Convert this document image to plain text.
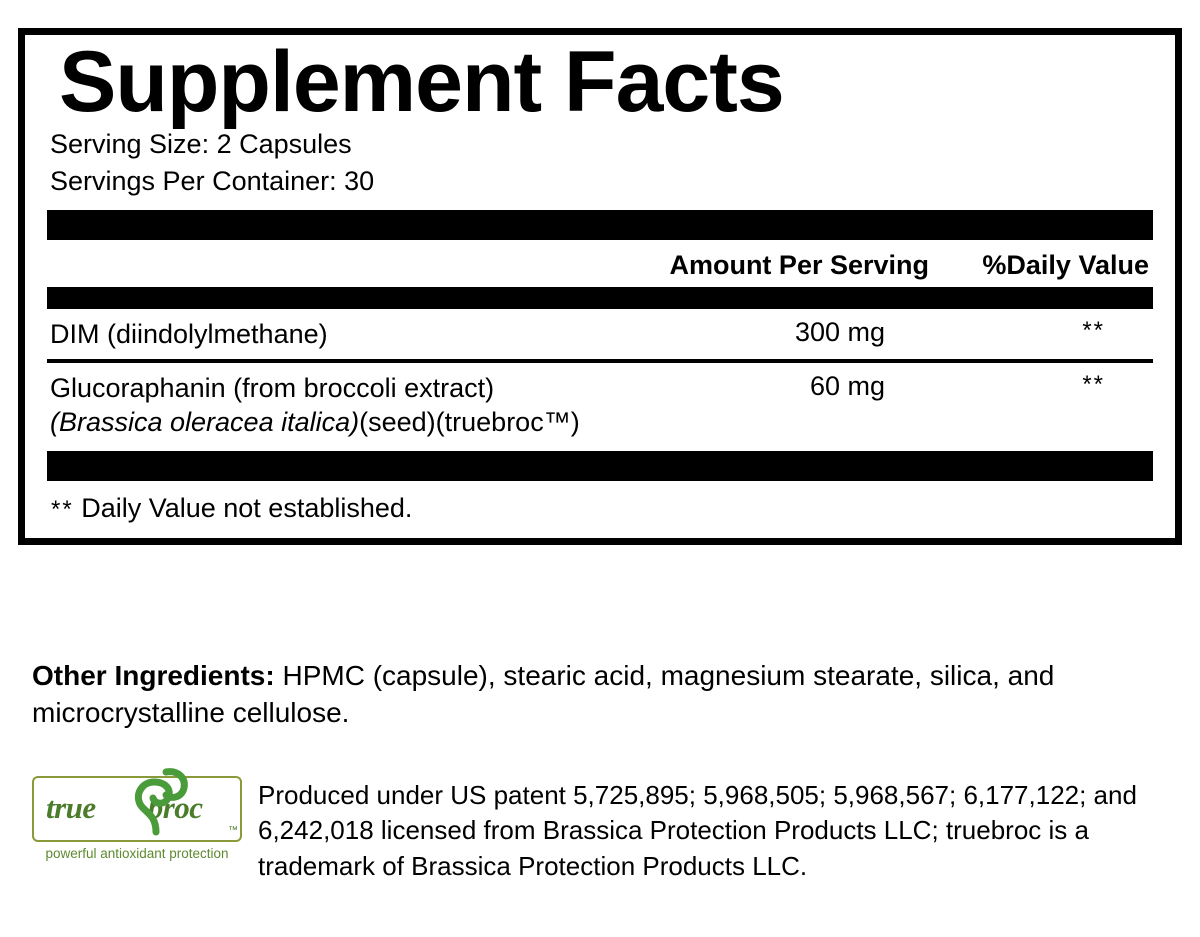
Supplement Facts
Serving Size: 2 Capsules
Servings Per Container: 30
Amount Per Serving	%Daily Value
DIM (diindolylmethane)	300 mg	**
Glucoraphanin (from broccoli extract)
(Brassica oleracea italica)(seed)(truebroc™)
60 mg	**
** Daily Value not established.
Other Ingredients: HPMC (capsule), stearic acid, magnesium stearate, silica, and microcrystalline cellulose.
true broc
™
powerful antioxidant protection
Produced under US patent 5,725,895; 5,968,505; 5,968,567; 6,177,122; and 6,242,018 licensed from Brassica Protection Products LLC; truebroc is a trademark of Brassica Protection Products LLC.
